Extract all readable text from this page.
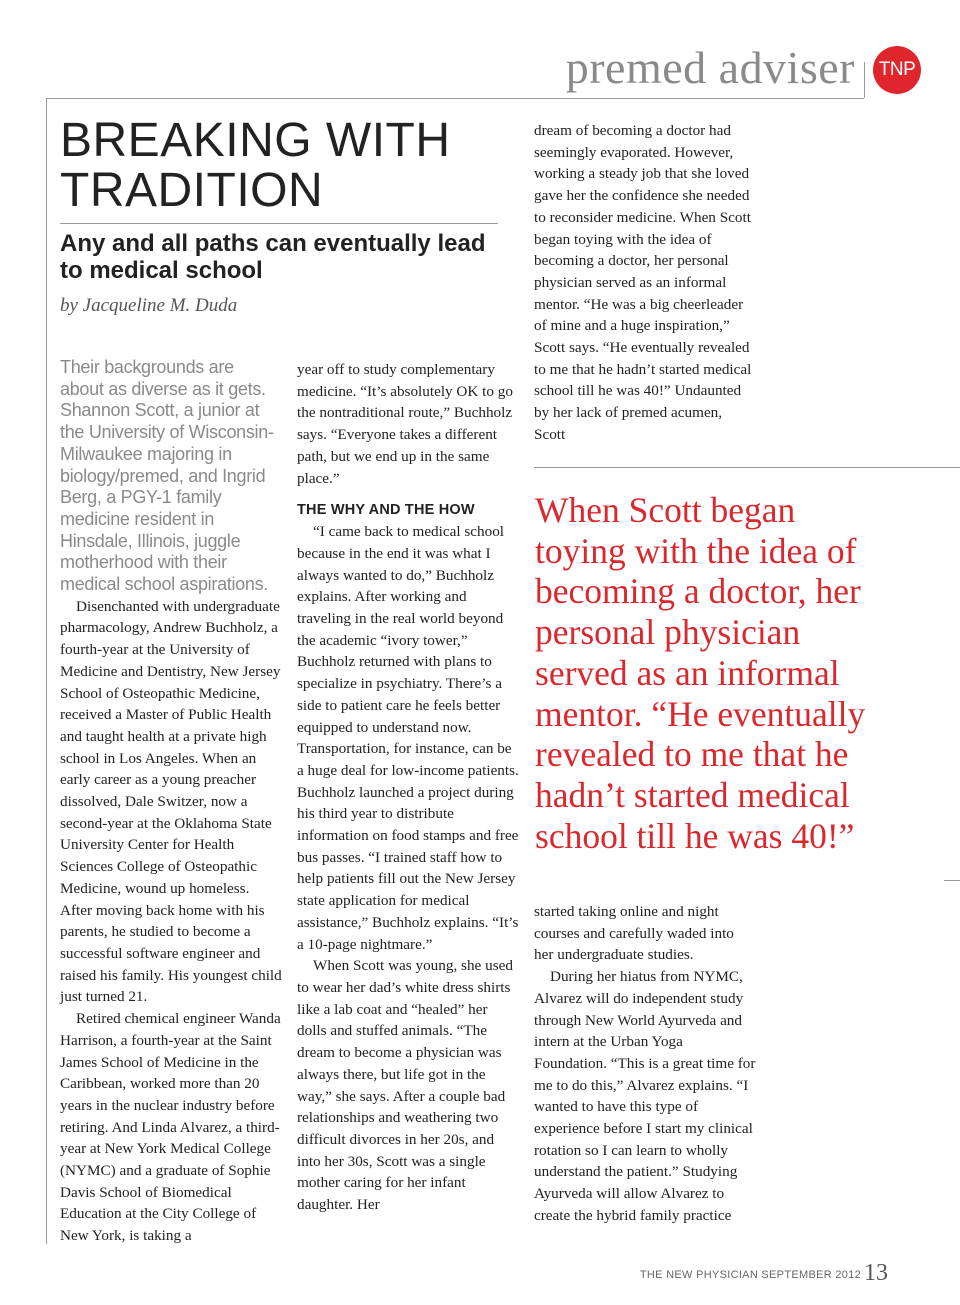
premed adviser	TNP
BREAKING WITH
TRADITION
Any and all paths can eventually lead to medical school
by Jacqueline M. Duda

Their backgrounds are about as diverse as it gets. Shannon Scott, a junior at the University of Wisconsin-Milwaukee majoring in biology/premed, and Ingrid Berg, a PGY-1 family medicine resident in Hinsdale, Illinois, juggle motherhood with their medical school aspirations.

Disenchanted with undergraduate pharmacology, Andrew Buchholz, a fourth-year at the University of Medicine and Dentistry, New Jersey School of Osteopathic Medicine, received a Master of Public Health and taught health at a private high school in Los Angeles. When an early career as a young preacher dissolved, Dale Switzer, now a second-year at the Oklahoma State University Center for Health Sciences College of Osteopathic Medicine, wound up homeless. After moving back home with his parents, he studied to become a successful software engineer and raised his family. His youngest child just turned 21.

Retired chemical engineer Wanda Harrison, a fourth-year at the Saint James School of Medicine in the Caribbean, worked more than 20 years in the nuclear industry before retiring. And Linda Alvarez, a third-year at New York Medical College (NYMC) and a graduate of Sophie Davis School of Biomedical Education at the City College of New York, is taking a

year off to study complementary medicine. “It’s absolutely OK to go the nontraditional route,” Buchholz says. “Everyone takes a different path, but we end up in the same place.”

THE WHY AND THE HOW

“I came back to medical school because in the end it was what I always wanted to do,” Buchholz explains. After working and traveling in the real world beyond the academic “ivory tower,” Buchholz returned with plans to specialize in psychiatry. There’s a side to patient care he feels better equipped to understand now. Transportation, for instance, can be a huge deal for low-income patients. Buchholz launched a project during his third year to distribute information on food stamps and free bus passes. “I trained staff how to help patients fill out the New Jersey state application for medical assistance,” Buchholz explains. “It’s a 10-page nightmare.”

When Scott was young, she used to wear her dad’s white dress shirts like a lab coat and “healed” her dolls and stuffed animals. “The dream to become a physician was always there, but life got in the way,” she says. After a couple bad relationships and weathering two difficult divorces in her 20s, and into her 30s, Scott was a single mother caring for her infant daughter. Her

dream of becoming a doctor had seemingly evaporated. However, working a steady job that she loved gave her the confidence she needed to reconsider medicine. When Scott began toying with the idea of becoming a doctor, her personal physician served as an informal mentor. “He was a big cheerleader of mine and a huge inspiration,” Scott says. “He eventually revealed to me that he hadn’t started medical school till he was 40!” Undaunted by her lack of premed acumen, Scott

When Scott began toying with the idea of becoming a doctor, her personal physician served as an informal mentor. “He eventually revealed to me that he hadn’t started medical school till he was 40!”

started taking online and night courses and carefully waded into her undergraduate studies.

During her hiatus from NYMC, Alvarez will do independent study through New World Ayurveda and intern at the Urban Yoga Foundation. “This is a great time for me to do this,” Alvarez explains. “I wanted to have this type of experience before I start my clinical rotation so I can learn to wholly understand the patient.” Studying Ayurveda will allow Alvarez to create the hybrid family practice

THE NEW PHYSICIAN SEPTEMBER 2012 13
